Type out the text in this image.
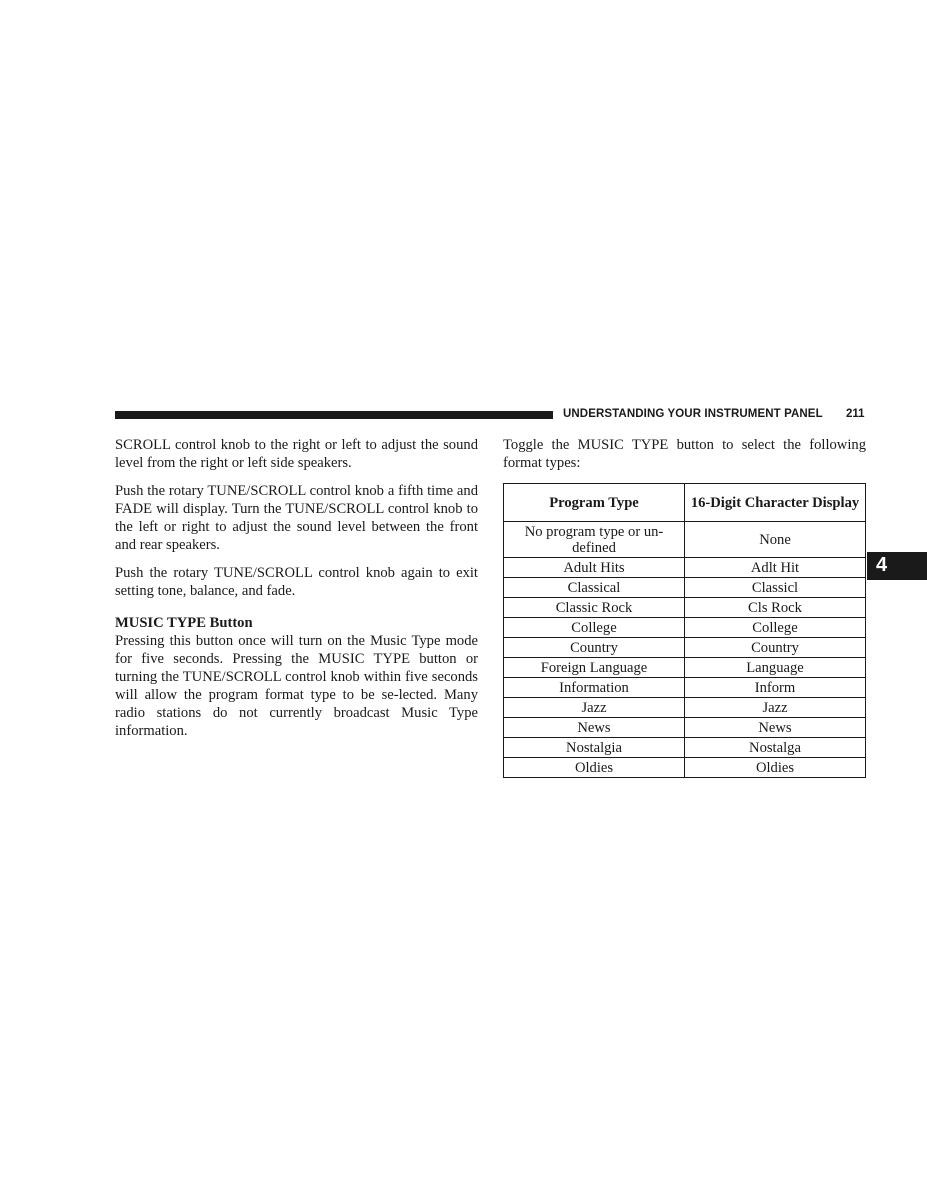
UNDERSTANDING YOUR INSTRUMENT PANEL 211
4

SCROLL control knob to the right or left to adjust the sound level from the right or left side speakers.

Push the rotary TUNE/SCROLL control knob a fifth time and FADE will display. Turn the TUNE/SCROLL control knob to the left or right to adjust the sound level between the front and rear speakers.

Push the rotary TUNE/SCROLL control knob again to exit setting tone, balance, and fade.

MUSIC TYPE Button

Pressing this button once will turn on the Music Type mode for five seconds. Pressing the MUSIC TYPE button or turning the TUNE/SCROLL control knob within five seconds will allow the program format type to be se-lected. Many radio stations do not currently broadcast Music Type information.

Toggle the MUSIC TYPE button to select the following format types:

Program Type	16-Digit Character Display
No program type or un-defined	None
Adult Hits	Adlt Hit
Classical	Classicl
Classic Rock	Cls Rock
College	College
Country	Country
Foreign Language	Language
Information	Inform
Jazz	Jazz
News	News
Nostalgia	Nostalga
Oldies	Oldies
